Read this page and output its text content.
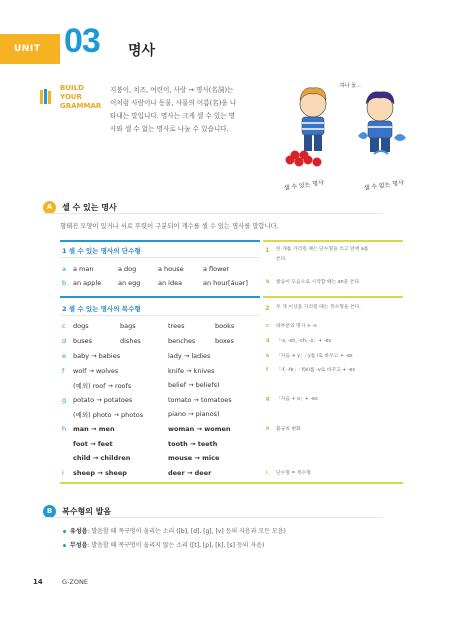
UNIT 03 명사
BUILD
YOUR
GRAMMAR
지붕이, 치즈, 여린이, 사랑 → 명사(名詞)는
이처럼 사람이나 동물, 사물의 이름(名)을 나
타내는 말입니다. 명사는 크게 셀 수 있는 명
사와 셀 수 없는 명사로 나눌 수 있습니다.
하나 둘...
셀 수 있는 명사	셀 수 없는 명사
A	셀 수 있는 명사
형태진 모양이 있거나 서로 뚜렷이 구분되어 개수를 셀 수 있는 명사를 말합니다.
1 셀 수 있는 명사의 단수형
a a man	a dog	a house	a flower
b an apple	an egg	an idea	an hour[áuər]
1 한 개를 가리킬 때는 단수형을 쓰고 앞에 a를
쓴다.
b 발음이 모음으로 시작할 때는 an을 쓴다.
2 셀 수 있는 명사의 복수형	2 두 개 이상을 가리킬 때는 복수형을 쓴다.
c dogs	bags	trees	books
d buses	dishes	benches	boxes
e baby → babies	lady → ladies
f wolf → wolves	knife → knives
(예외) roof → roofs	belief → beliefs)
g potato → potatoes	tomato → tomatoes
(예외) photo → photos	piano → pianos)
h man → men	woman → women
foot → feet	tooth → teeth
child → children	mouse → mice
i sheep → sheep	deer → deer
c 대부분의 명사 + -s
d 「-s, -sh, -ch, -x」+ -es
e 「자음 + y」: y를 i로 바꾸고 + -es
f 「-f, -fe」: f(e)를 -v로 바꾸고 + -es
g 「자음 + o」+ -es
h 불규칙 변화
i 단수형 = 복수형
B	복수형의 발음
유성음: 발음할 때 목구멍이 울리는 소리 ([b], [d], [g], [v] 등의 자음과 모든 모음)
무성음: 발음할 때 목구멍이 울리지 않는 소리 ([t], [p], [k], [s] 등의 자음)
14	G-ZONE
